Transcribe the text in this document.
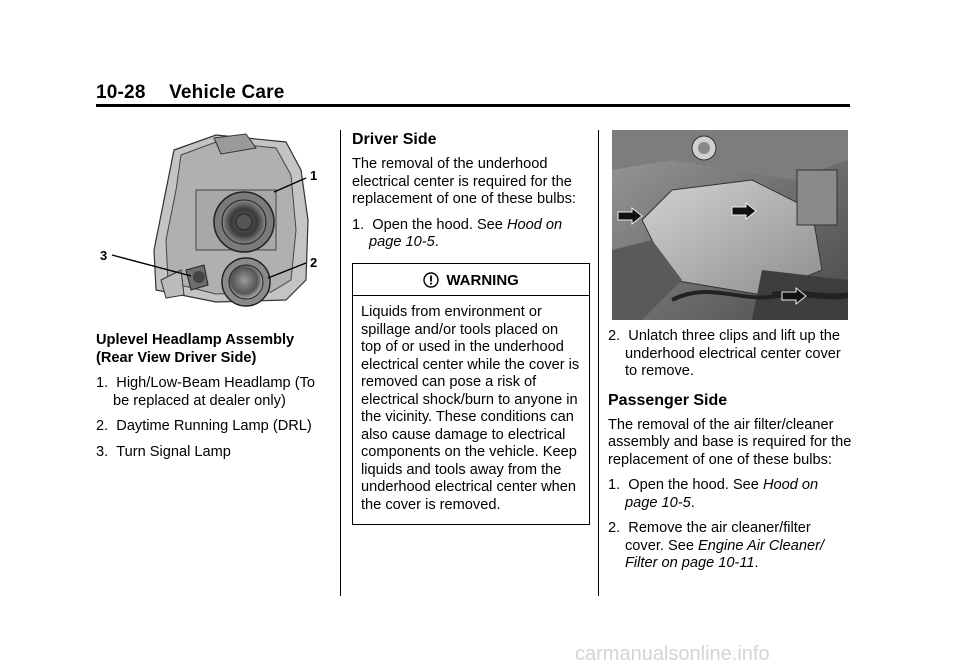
10-28 Vehicle Care
1
2
3

Uplevel Headlamp Assembly (Rear View Driver Side)

1.  High/Low-Beam Headlamp (To be replaced at dealer only)

2.  Daytime Running Lamp (DRL)

3.  Turn Signal Lamp

Driver Side

The removal of the underhood electrical center is required for the replacement of one of these bulbs:

1.  Open the hood. See Hood on page 10-5.

WARNING
Liquids from environment or spillage and/or tools placed on top of or used in the underhood electrical center while the cover is removed can pose a risk of electrical shock/burn to anyone in the vicinity. These conditions can also cause damage to electrical components on the vehicle. Keep liquids and tools away from the underhood electrical center when the cover is removed.

2.  Unlatch three clips and lift up the underhood electrical center cover to remove.

Passenger Side

The removal of the air filter/cleaner assembly and base is required for the replacement of one of these bulbs:

1.  Open the hood. See Hood on page 10-5.

2.  Remove the air cleaner/filter cover. See Engine Air Cleaner/ Filter on page 10-11.

carmanualsonline.info
